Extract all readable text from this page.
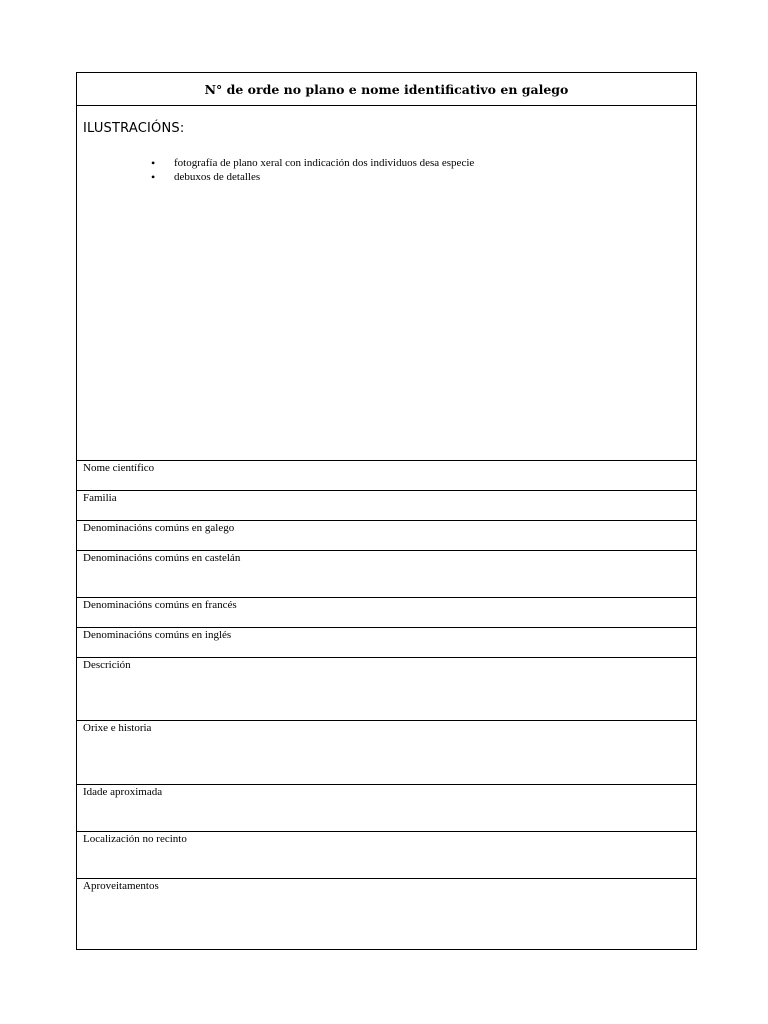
N° de orde no plano e nome identificativo en galego
ILUSTRACIÓNS:
• fotografía de plano xeral con indicación dos individuos desa especie
• debuxos de detalles
Nome científico
Familia
Denominacións comúns en galego
Denominacións comúns en castelán
Denominacións comúns en francés
Denominacións comúns en inglés
Descrición
Orixe e historia
Idade aproximada
Localización no recinto
Aproveitamentos
